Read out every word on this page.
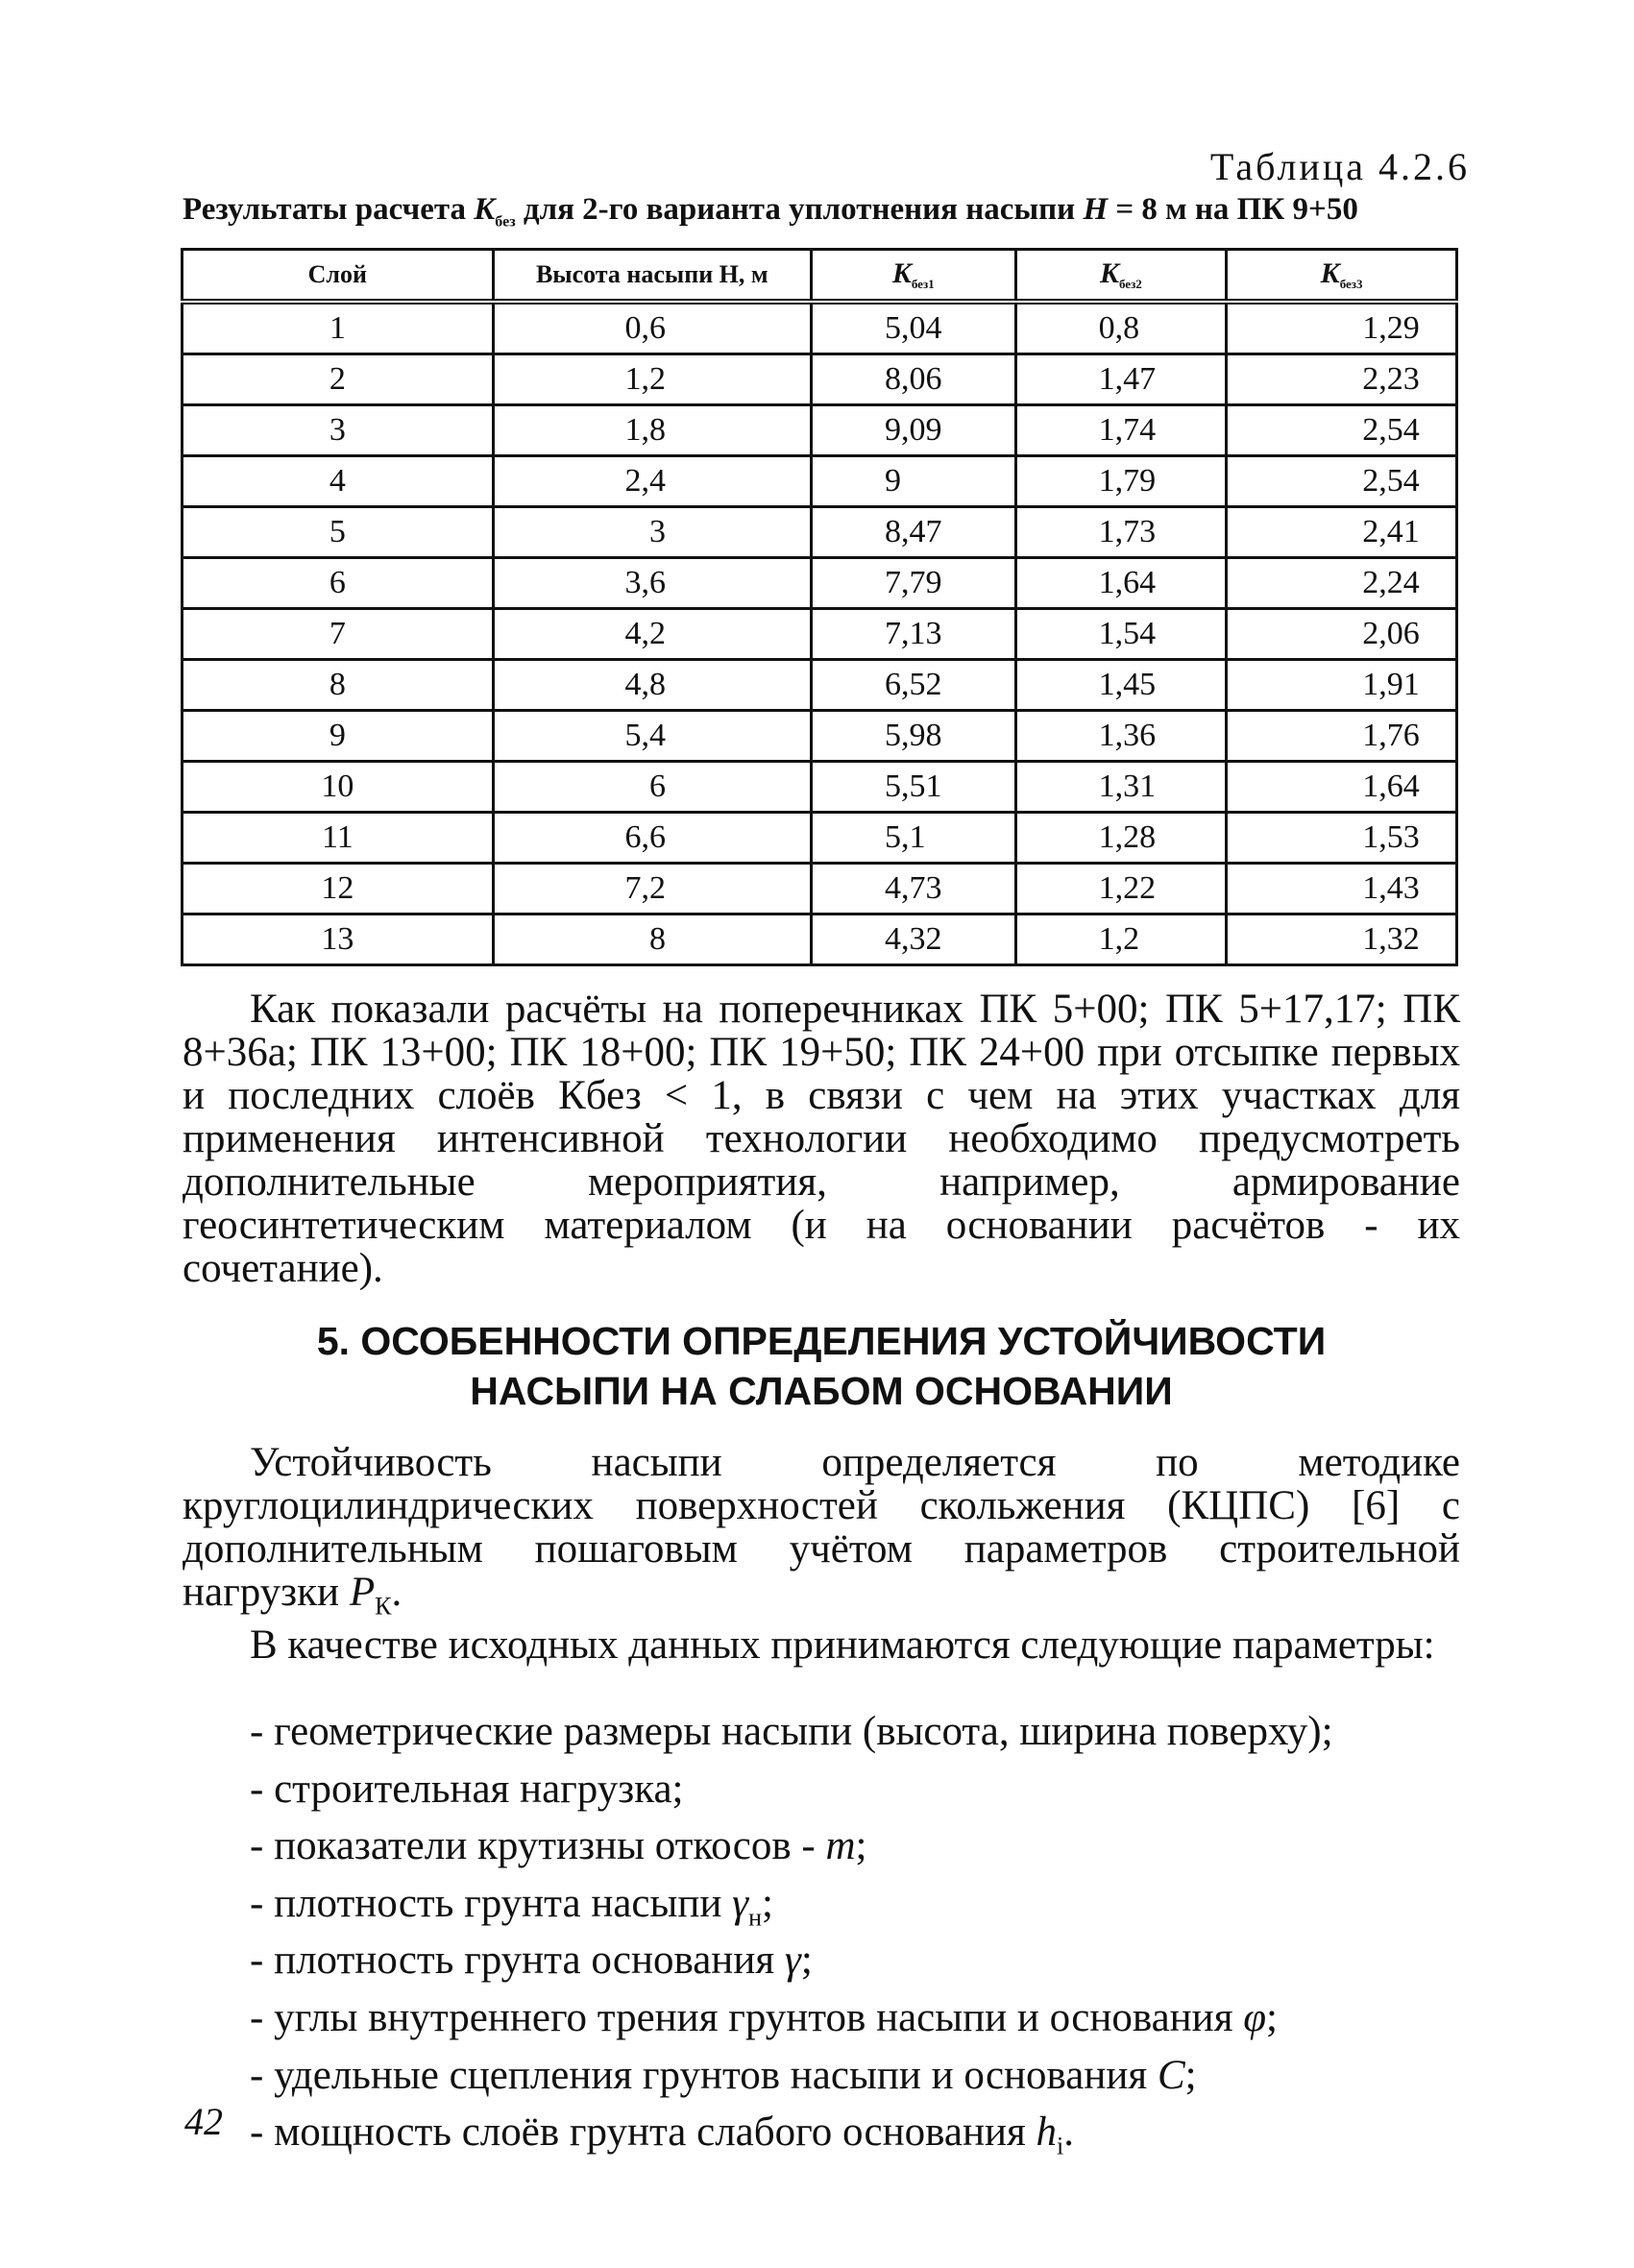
Таблица 4.2.6
Результаты расчета $K_{без}$ для 2-го варианта уплотнения насыпи H = 8 м на ПК 9+50
Слой	Высота насыпи H, м	$K_{без1}$	$K_{без2}$	$K_{без3}$
1	0,6	5,04	0,8	1,29
2	1,2	8,06	1,47	2,23
3	1,8	9,09	1,74	2,54
4	2,4	9	1,79	2,54
5	3	8,47	1,73	2,41
6	3,6	7,79	1,64	2,24
7	4,2	7,13	1,54	2,06
8	4,8	6,52	1,45	1,91
9	5,4	5,98	1,36	1,76
10	6	5,51	1,31	1,64
11	6,6	5,1	1,28	1,53
12	7,2	4,73	1,22	1,43
13	8	4,32	1,2	1,32
Как показали расчёты на поперечниках ПК 5+00; ПК 5+17,17; ПК 8+36а; ПК 13+00; ПК 18+00; ПК 19+50; ПК 24+00 при отсыпке первых и последних слоёв Кбез < 1, в связи с чем на этих участках для применения интенсивной технологии необходимо предусмотреть дополнительные мероприятия, например, армирование геосинтетическим материалом (и на основании расчётов - их сочетание).
5. ОСОБЕННОСТИ ОПРЕДЕЛЕНИЯ УСТОЙЧИВОСТИ
НАСЫПИ НА СЛАБОМ ОСНОВАНИИ
Устойчивость насыпи определяется по методике круглоцилиндрических поверхностей скольжения (КЦПС) [6] с дополнительным пошаговым учётом параметров строительной нагрузки $P_К$.
В качестве исходных данных принимаются следующие параметры:
- геометрические размеры насыпи (высота, ширина поверху);
- строительная нагрузка;
- показатели крутизны откосов - m;
- плотность грунта насыпи $\gamma_н$;
- плотность грунта основания γ;
- углы внутреннего трения грунтов насыпи и основания φ;
- удельные сцепления грунтов насыпи и основания C;
- мощность слоёв грунта слабого основания $h_i$.
42
